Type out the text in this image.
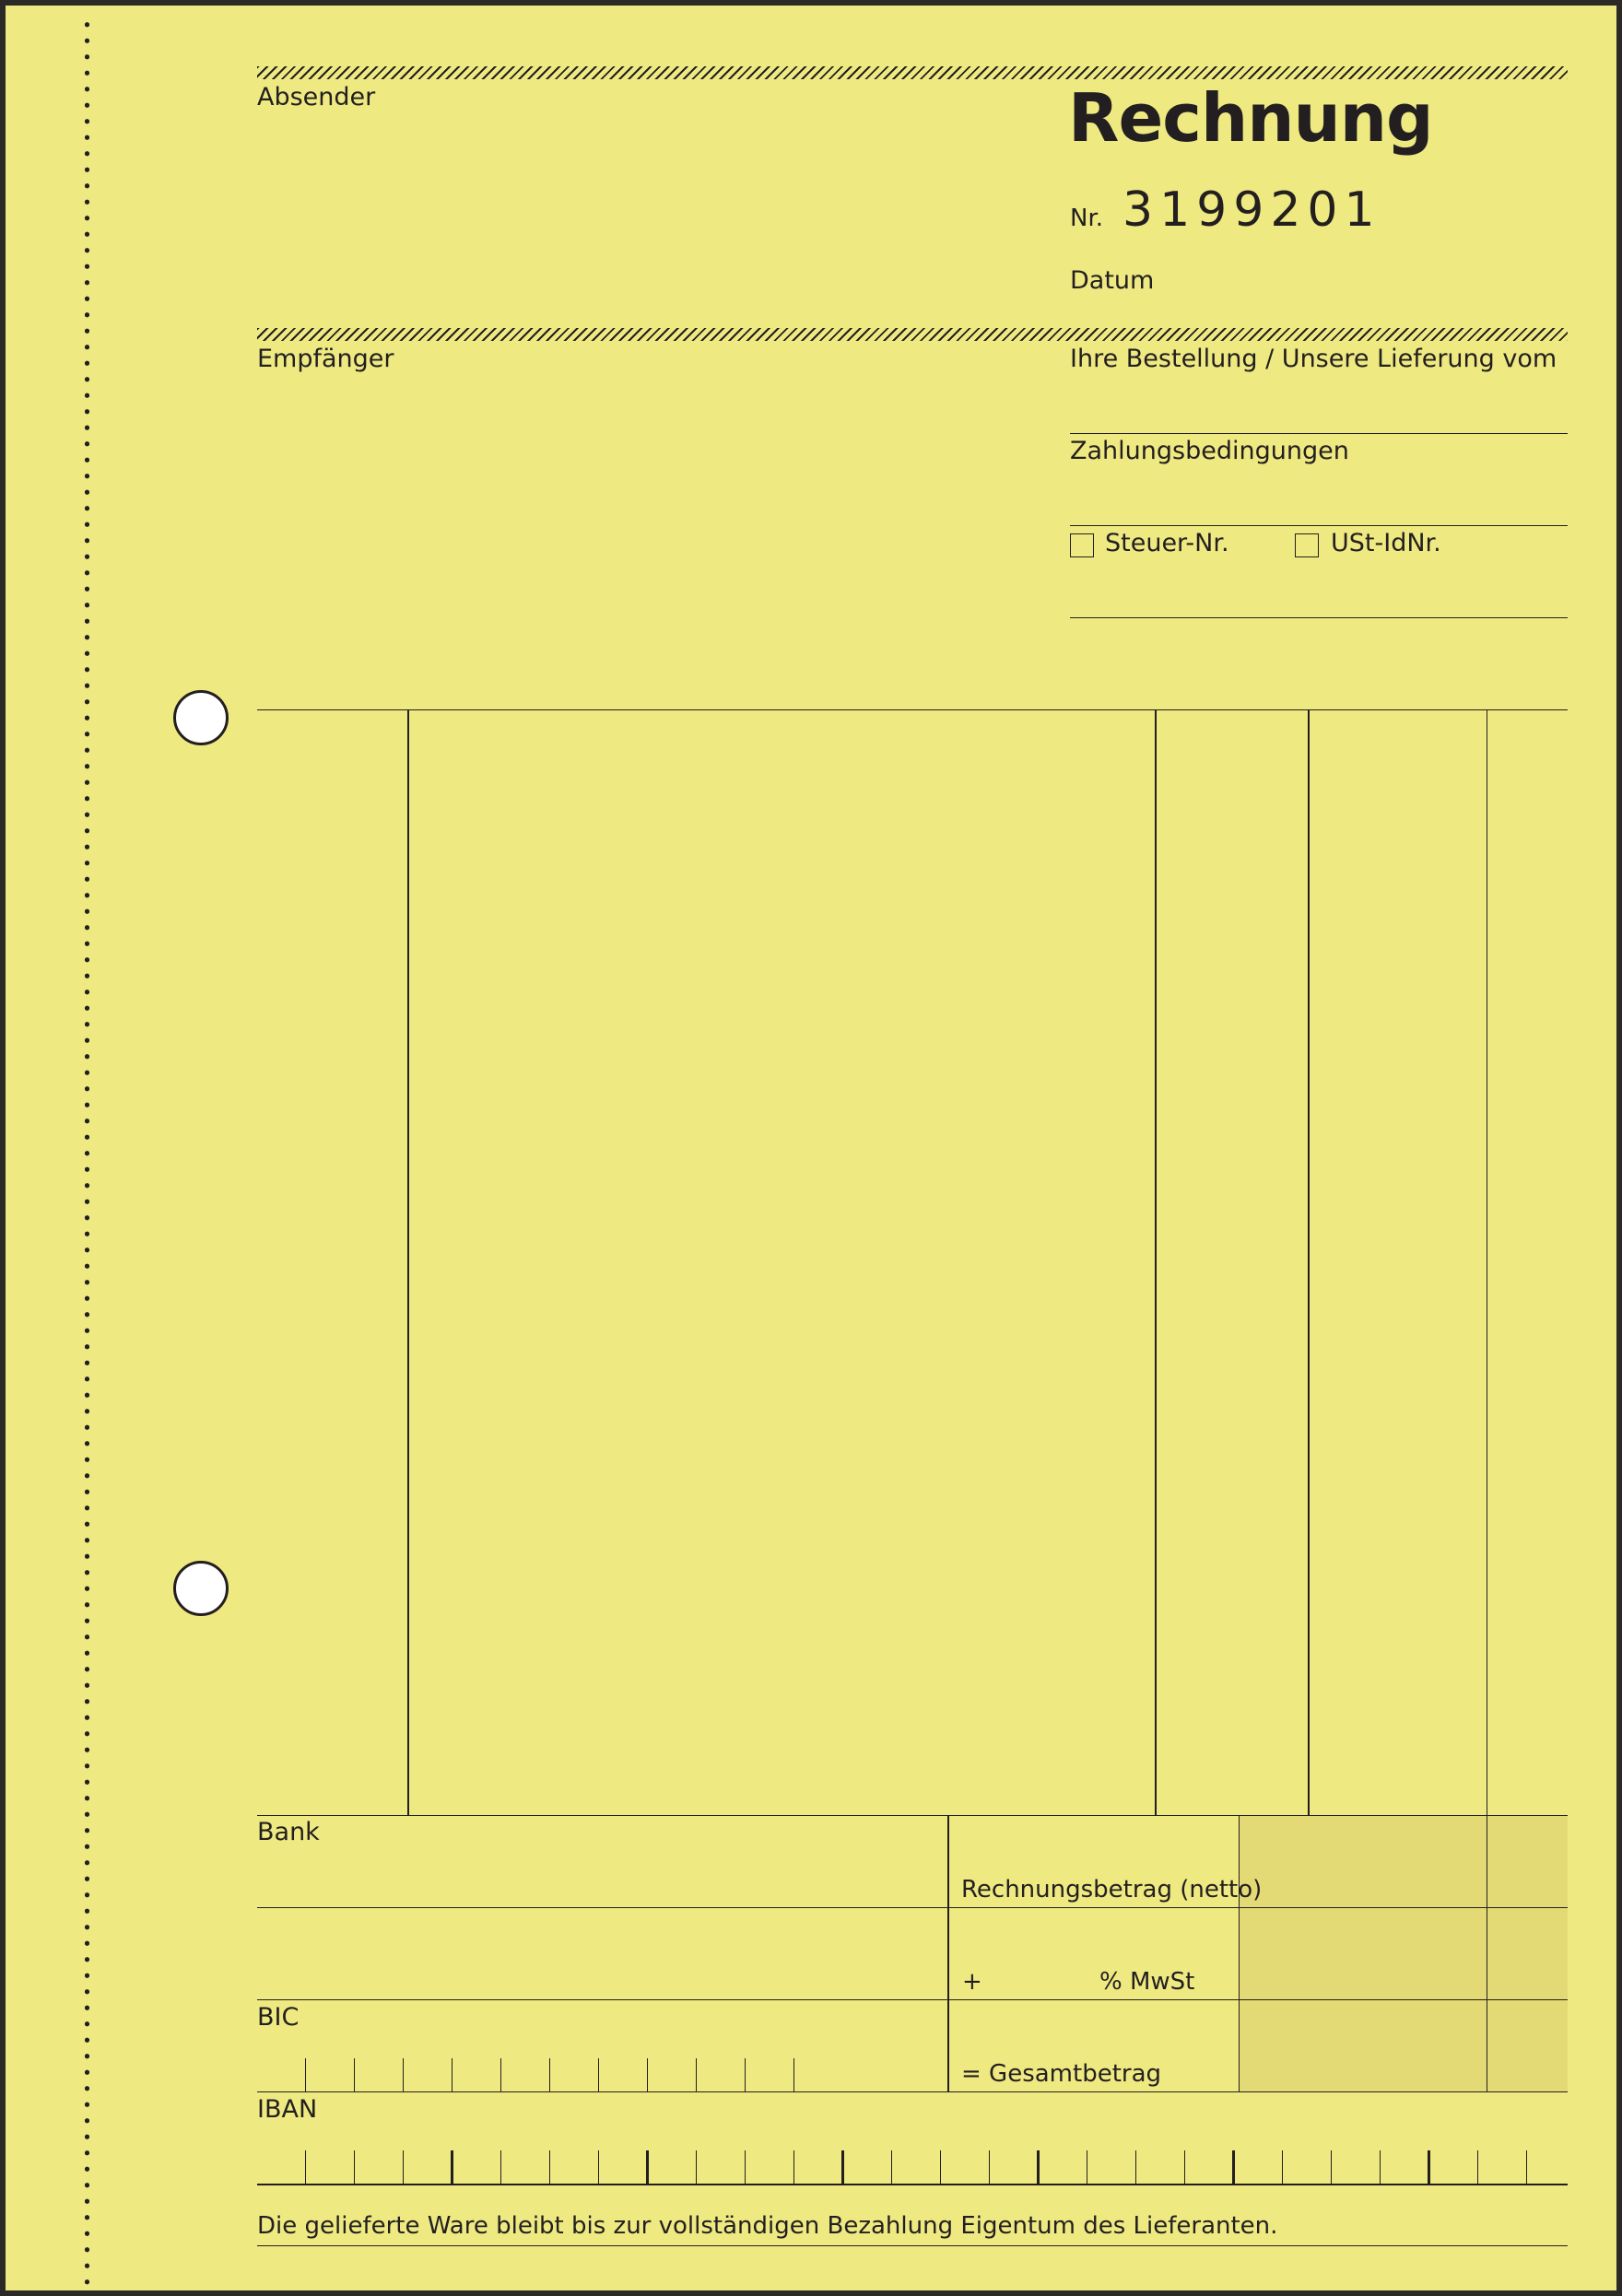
Absender	Rechnung
Nr. 3199201
Datum
Empfänger	Ihre Bestellung / Unsere Lieferung vom
Zahlungsbedingungen
Steuer-Nr.	USt-IdNr.
Bank
Rechnungsbetrag (netto)
+	% MwSt
BIC
= Gesamtbetrag
IBAN
Die gelieferte Ware bleibt bis zur vollständigen Bezahlung Eigentum des Lieferanten.
